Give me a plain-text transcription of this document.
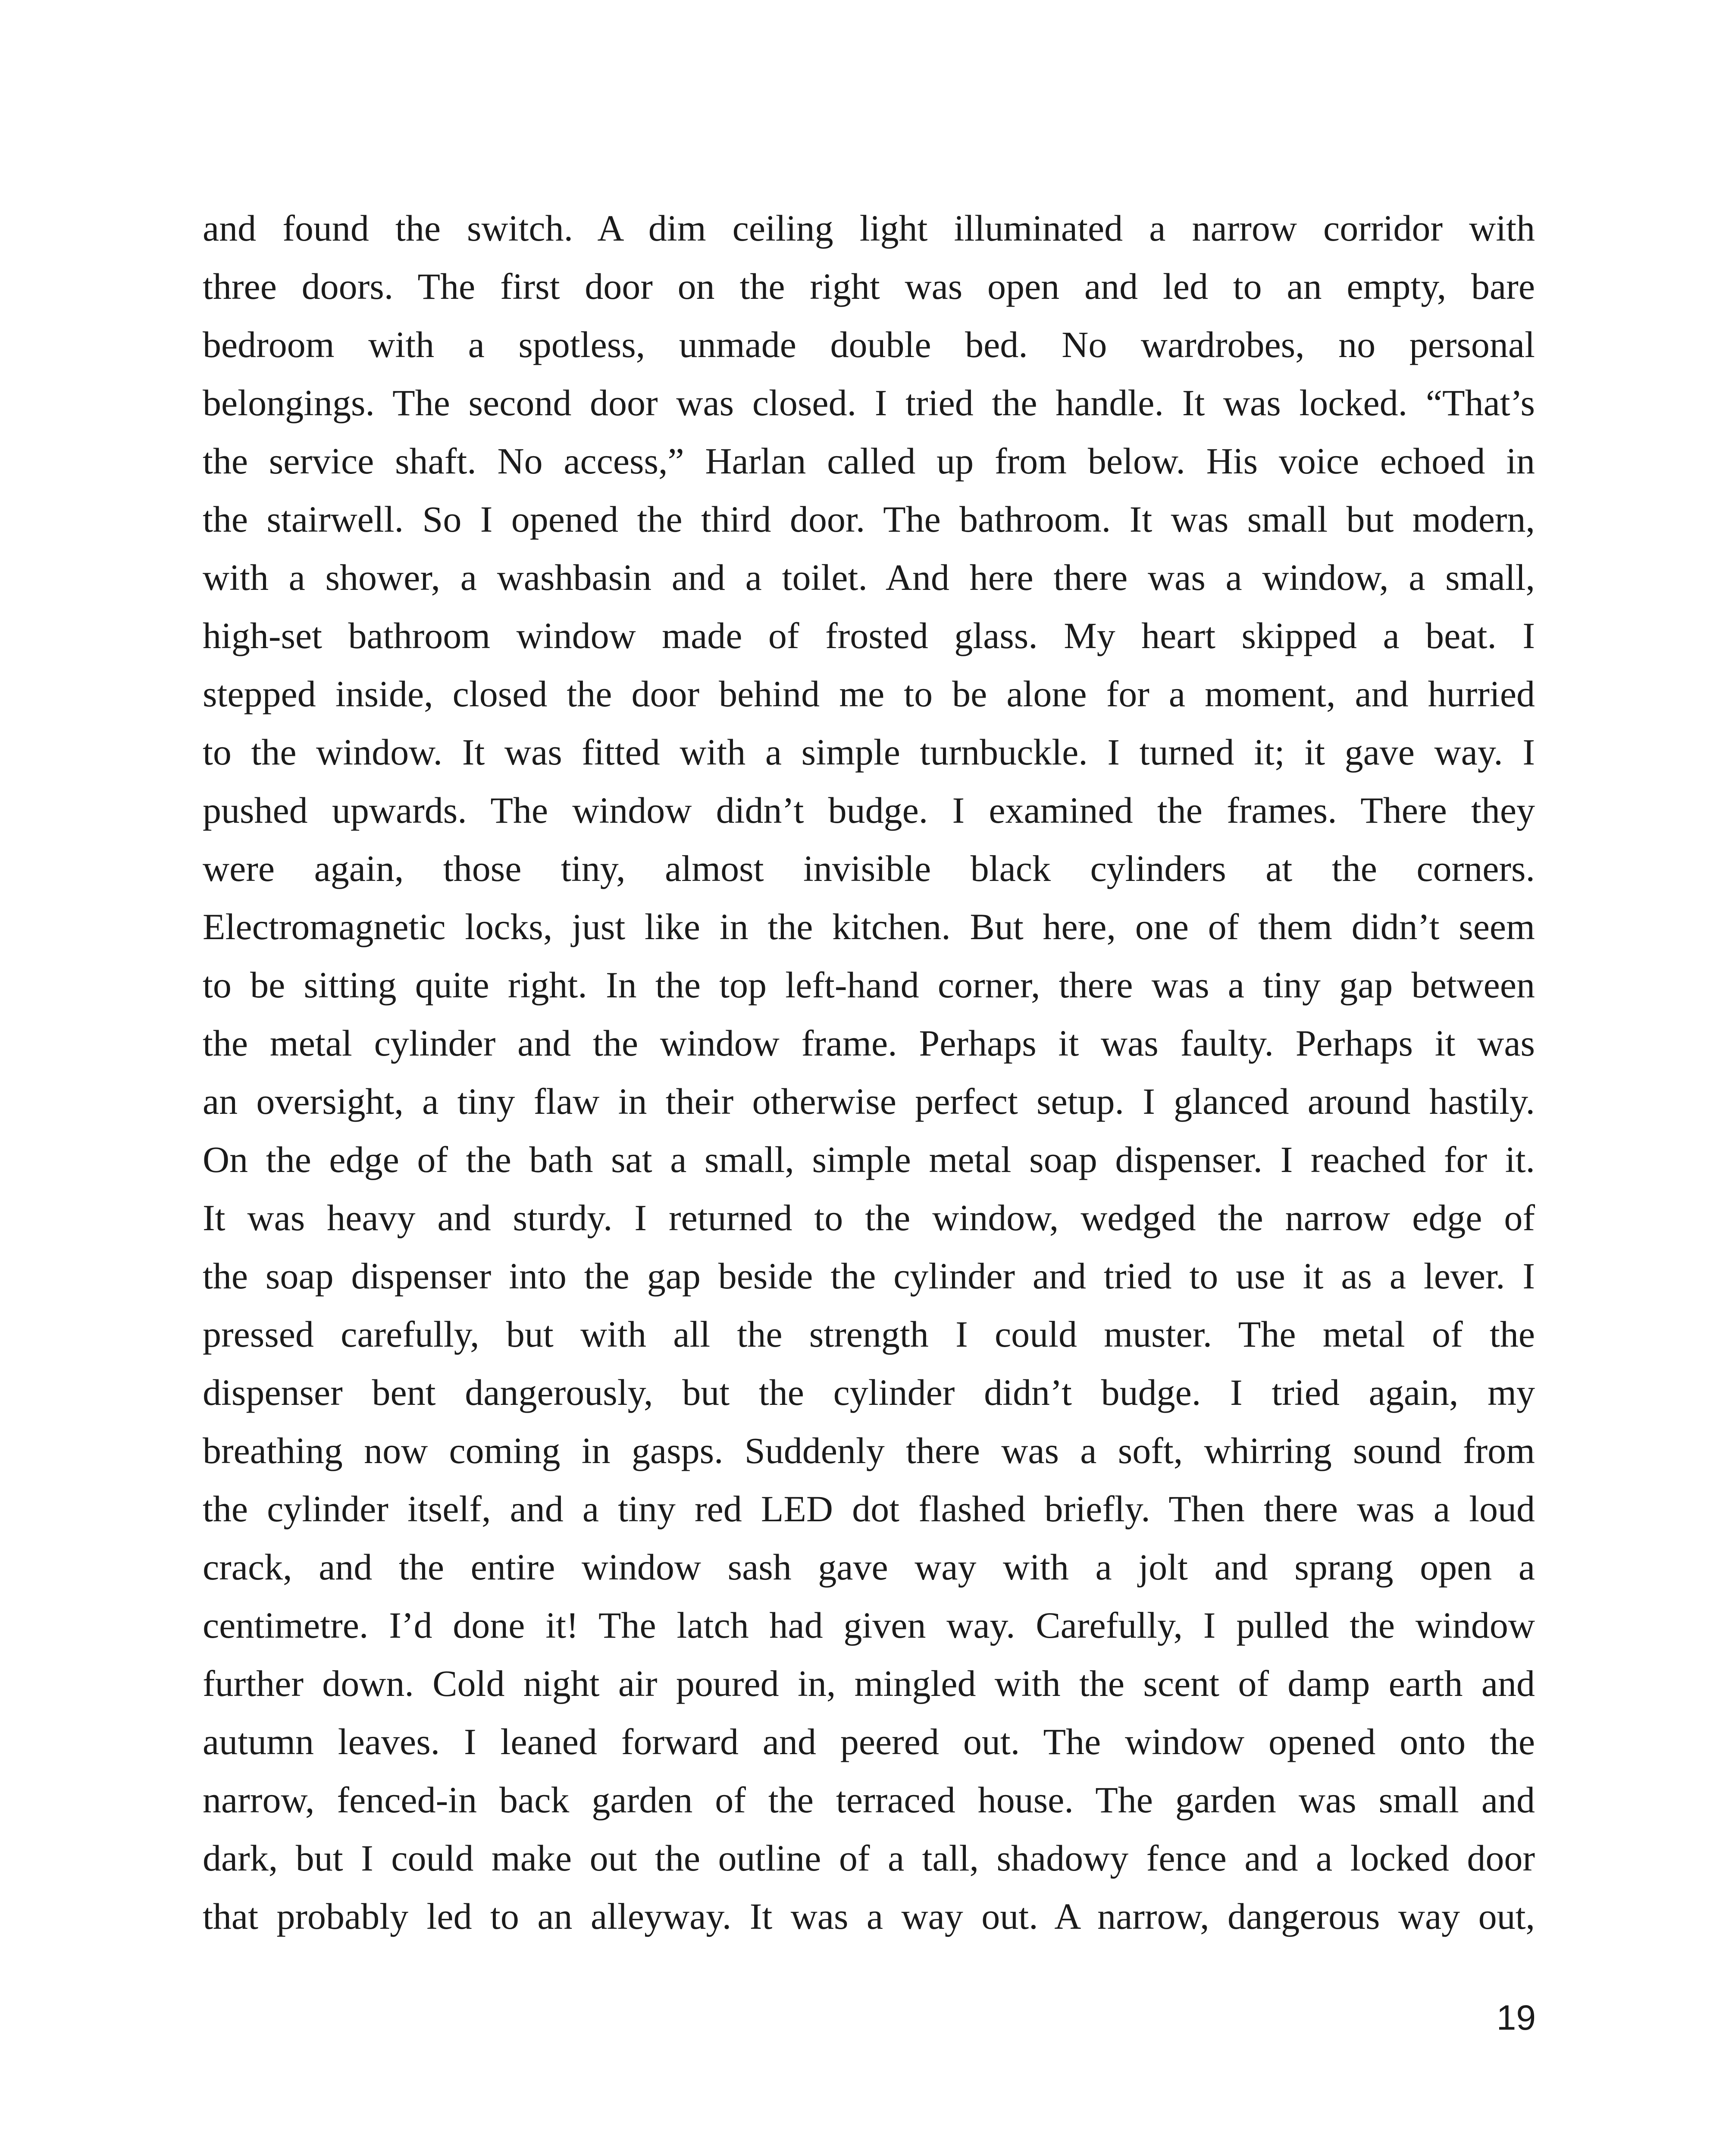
and found the switch. A dim ceiling light illuminated a narrow corridor with
three doors. The first door on the right was open and led to an empty, bare
bedroom with a spotless, unmade double bed. No wardrobes, no personal
belongings. The second door was closed. I tried the handle. It was locked. “That’s
the service shaft. No access,” Harlan called up from below. His voice echoed in
the stairwell. So I opened the third door. The bathroom. It was small but modern,
with a shower, a washbasin and a toilet. And here there was a window, a small,
high-set bathroom window made of frosted glass. My heart skipped a beat. I
stepped inside, closed the door behind me to be alone for a moment, and hurried
to the window. It was fitted with a simple turnbuckle. I turned it; it gave way. I
pushed upwards. The window didn’t budge. I examined the frames. There they
were again, those tiny, almost invisible black cylinders at the corners.
Electromagnetic locks, just like in the kitchen. But here, one of them didn’t seem
to be sitting quite right. In the top left-hand corner, there was a tiny gap between
the metal cylinder and the window frame. Perhaps it was faulty. Perhaps it was
an oversight, a tiny flaw in their otherwise perfect setup. I glanced around hastily.
On the edge of the bath sat a small, simple metal soap dispenser. I reached for it.
It was heavy and sturdy. I returned to the window, wedged the narrow edge of
the soap dispenser into the gap beside the cylinder and tried to use it as a lever. I
pressed carefully, but with all the strength I could muster. The metal of the
dispenser bent dangerously, but the cylinder didn’t budge. I tried again, my
breathing now coming in gasps. Suddenly there was a soft, whirring sound from
the cylinder itself, and a tiny red LED dot flashed briefly. Then there was a loud
crack, and the entire window sash gave way with a jolt and sprang open a
centimetre. I’d done it! The latch had given way. Carefully, I pulled the window
further down. Cold night air poured in, mingled with the scent of damp earth and
autumn leaves. I leaned forward and peered out. The window opened onto the
narrow, fenced-in back garden of the terraced house. The garden was small and
dark, but I could make out the outline of a tall, shadowy fence and a locked door
that probably led to an alleyway. It was a way out. A narrow, dangerous way out,

19
